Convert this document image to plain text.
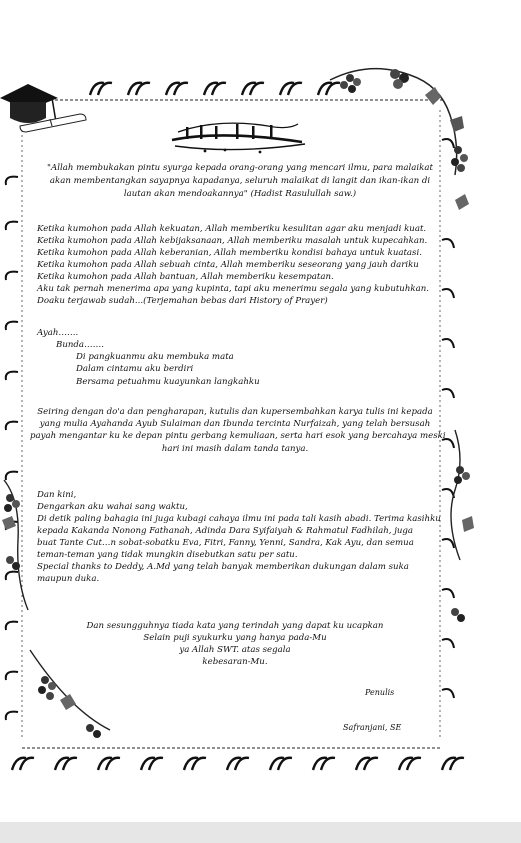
"Allah membukakan pintu syurga kepada orang-orang yang mencari ilmu, para malaikat
akan membentangkan sayapnya kapadanya, seluruh malaikat di langit dan ikan-ikan di
lautan akan mendoakannya" (Hadist Rasulullah saw.)
Ketika kumohon pada Allah kekuatan, Allah memberiku kesulitan agar aku menjadi kuat.
Ketika kumohon pada Allah kebijaksanaan, Allah memberiku masalah untuk kupecahkan.
Ketika kumohon pada Allah keberanian, Allah memberiku kondisi bahaya untuk kuatasi.
Ketika kumohon pada Allah sebuah cinta, Allah memberiku seseorang yang jauh dariku
Ketika kumohon pada Allah bantuan, Allah memberiku kesempatan.
Aku tak pernah menerima apa yang kupinta, tapi aku menerimu segala yang kubutuhkan.
Doaku terjawab sudah...(Terjemahan bebas dari History of Prayer)
Ayah…….
Bunda…….
Di pangkuanmu aku membuka mata
Dalam cintamu aku berdiri
Bersama petuahmu kuayunkan langkahku
Seiring dengan do'a dan pengharapan, kutulis dan kupersembahkan karya tulis ini kepada
yang mulia Ayahanda Ayub Sulaiman dan Ibunda tercinta Nurfaizah, yang telah bersusah
payah mengantar ku ke depan pintu gerbang kemuliaan, serta hari esok yang bercahaya meski
hari ini masih dalam tanda tanya.
Dan kini,
Dengarkan aku wahai sang waktu,
Di detik paling bahagia ini juga kubagi cahaya ilmu ini pada tali kasih abadi. Terima kasihku
kepada Kakanda Nonong Fathanah, Adinda Dara Syifaiyah & Rahmatul Fadhilah, juga
buat Tante Cut…n sobat-sobatku Eva, Fitri, Fanny, Yenni, Sandra, Kak Ayu, dan semua
teman-teman yang tidak mungkin disebutkan satu per satu.
Special thanks to Deddy, A.Md yang telah banyak memberikan dukungan dalam suka
maupun duka.
Dan sesungguhnya tiada kata yang terindah yang dapat ku ucapkan
Selain puji syukurku yang hanya pada-Mu
ya Allah SWT. atas segala
kebesaran-Mu.
Penulis
Safranjani, SE
